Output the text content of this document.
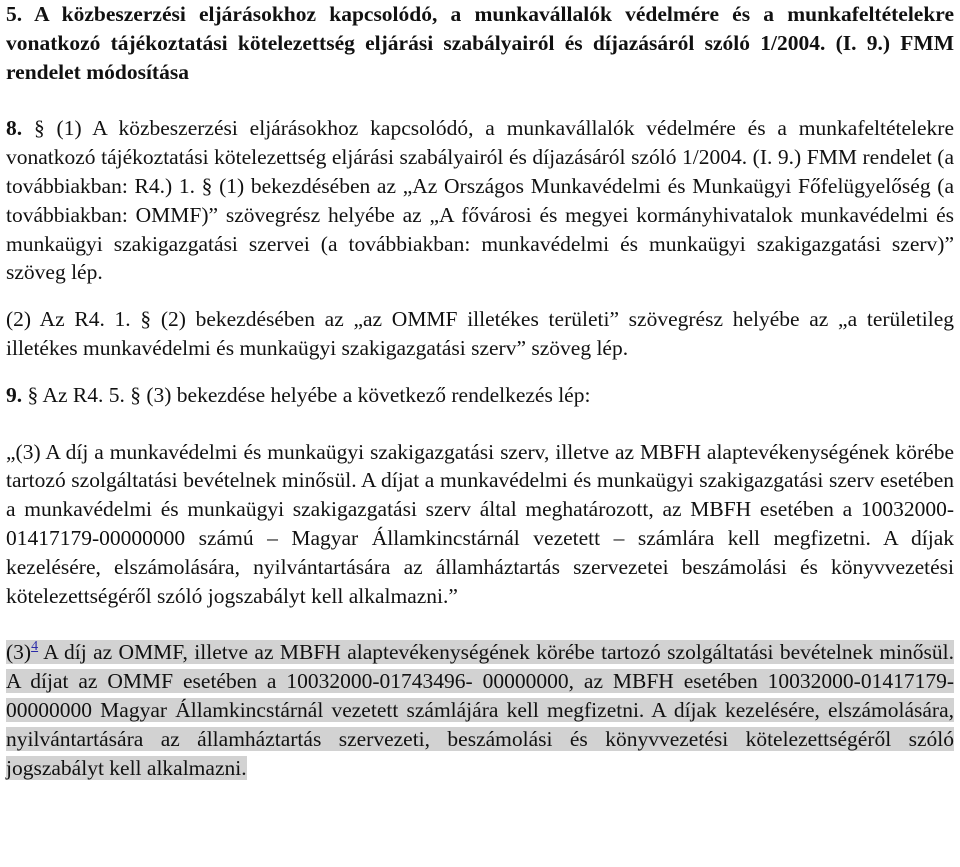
5. A közbeszerzési eljárásokhoz kapcsolódó, a munkavállalók védelmére és a munkafeltételekre vonatkozó tájékoztatási kötelezettség eljárási szabályairól és díjazásáról szóló 1/2004. (I. 9.) FMM rendelet módosítása

8. § (1) A közbeszerzési eljárásokhoz kapcsolódó, a munkavállalók védelmére és a munkafeltételekre vonatkozó tájékoztatási kötelezettség eljárási szabályairól és díjazásáról szóló 1/2004. (I. 9.) FMM rendelet (a továbbiakban: R4.) 1. § (1) bekezdésében az „Az Országos Munkavédelmi és Munkaügyi Főfelügyelőség (a továbbiakban: OMMF)” szövegrész helyébe az „A fővárosi és megyei kormányhivatalok munkavédelmi és munkaügyi szakigazgatási szervei (a továbbiakban: munkavédelmi és munkaügyi szakigazgatási szerv)” szöveg lép.

(2) Az R4. 1. § (2) bekezdésében az „az OMMF illetékes területi” szövegrész helyébe az „a területileg illetékes munkavédelmi és munkaügyi szakigazgatási szerv” szöveg lép.

9. § Az R4. 5. § (3) bekezdése helyébe a következő rendelkezés lép:

„(3) A díj a munkavédelmi és munkaügyi szakigazgatási szerv, illetve az MBFH alaptevékenységének körébe tartozó szolgáltatási bevételnek minősül. A díjat a munkavédelmi és munkaügyi szakigazgatási szerv esetében a munkavédelmi és munkaügyi szakigazgatási szerv által meghatározott, az MBFH esetében a 10032000-01417179-00000000 számú – Magyar Államkincstárnál vezetett – számlára kell megfizetni. A díjak kezelésére, elszámolására, nyilvántartására az államháztartás szervezetei beszámolási és könyvvezetési kötelezettségéről szóló jogszabályt kell alkalmazni.”

(3)$^4$ A díj az OMMF, illetve az MBFH alaptevékenységének körébe tartozó szolgáltatási bevételnek minősül. A díjat az OMMF esetében a 10032000-01743496- 00000000, az MBFH esetében 10032000-01417179- 00000000 Magyar Államkincstárnál vezetett számlájára kell megfizetni. A díjak kezelésére, elszámolására, nyilvántartására az államháztartás szervezeti, beszámolási és könyvvezetési kötelezettségéről szóló jogszabályt kell alkalmazni.
